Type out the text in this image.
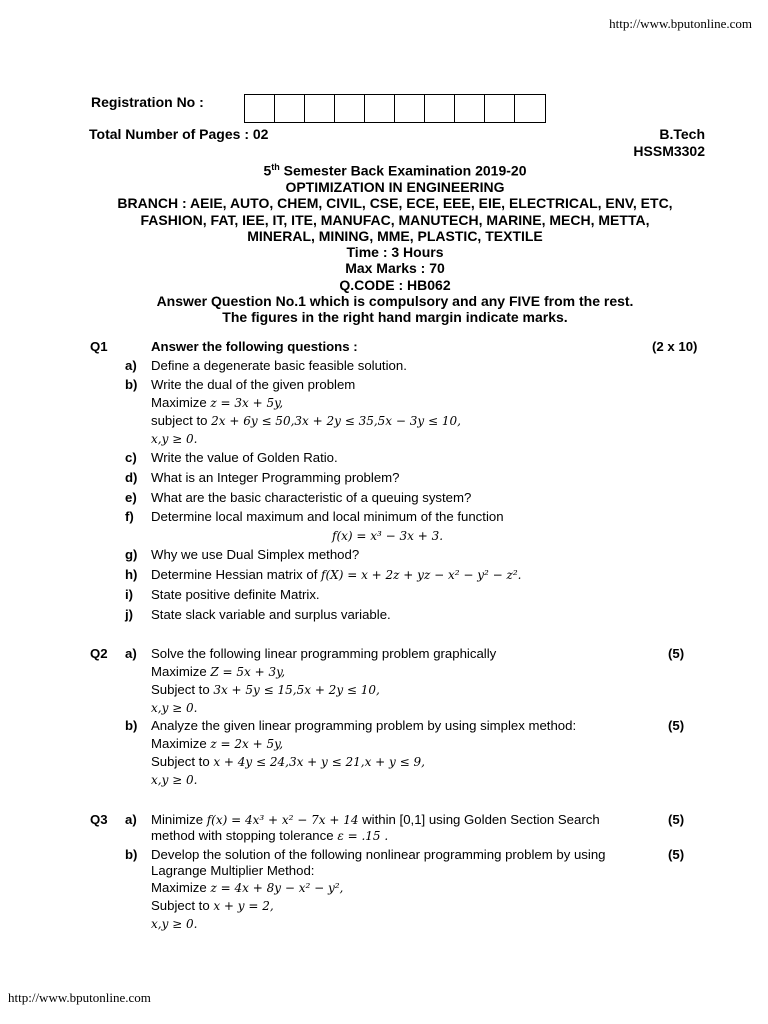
http://www.bputonline.com
Registration No :
Total Number of Pages : 02	B.Tech
HSSM3302
5th Semester Back Examination 2019-20
OPTIMIZATION IN ENGINEERING
BRANCH : AEIE, AUTO, CHEM, CIVIL, CSE, ECE, EEE, EIE, ELECTRICAL, ENV, ETC,
FASHION, FAT, IEE, IT, ITE, MANUFAC, MANUTECH, MARINE, MECH, METTA,
MINERAL, MINING, MME, PLASTIC, TEXTILE
Time : 3 Hours
Max Marks : 70
Q.CODE : HB062
Answer Question No.1 which is compulsory and any FIVE from the rest.
The figures in the right hand margin indicate marks.
Q1	Answer the following questions :	(2 x 10)
a) Define a degenerate basic feasible solution.
b) Write the dual of the given problem
Maximize z = 3x + 5y,
subject to 2x + 6y ≤ 50,3x + 2y ≤ 35,5x − 3y ≤ 10,
x,y ≥ 0.
c) Write the value of Golden Ratio.
d) What is an Integer Programming problem?
e) What are the basic characteristic of a queuing system?
f) Determine local maximum and local minimum of the function
f(x) = x³ − 3x + 3.
g) Why we use Dual Simplex method?
h) Determine Hessian matrix of f(X) = x + 2z + yz − x² − y² − z².
i) State positive definite Matrix.
j) State slack variable and surplus variable.
Q2 a) Solve the following linear programming problem graphically	(5)
Maximize Z = 5x + 3y,
Subject to 3x + 5y ≤ 15,5x + 2y ≤ 10,
x,y ≥ 0.
b) Analyze the given linear programming problem by using simplex method:	(5)
Maximize z = 2x + 5y,
Subject to x + 4y ≤ 24,3x + y ≤ 21,x + y ≤ 9,
x,y ≥ 0.
Q3 a) Minimize f(x) = 4x³ + x² − 7x + 14 within [0,1] using Golden Section Search	(5)
method with stopping tolerance ε = .15 .
b) Develop the solution of the following nonlinear programming problem by using	(5)
Lagrange Multiplier Method:
Maximize z = 4x + 8y − x² − y²,
Subject to x + y = 2,
x,y ≥ 0.
http://www.bputonline.com
